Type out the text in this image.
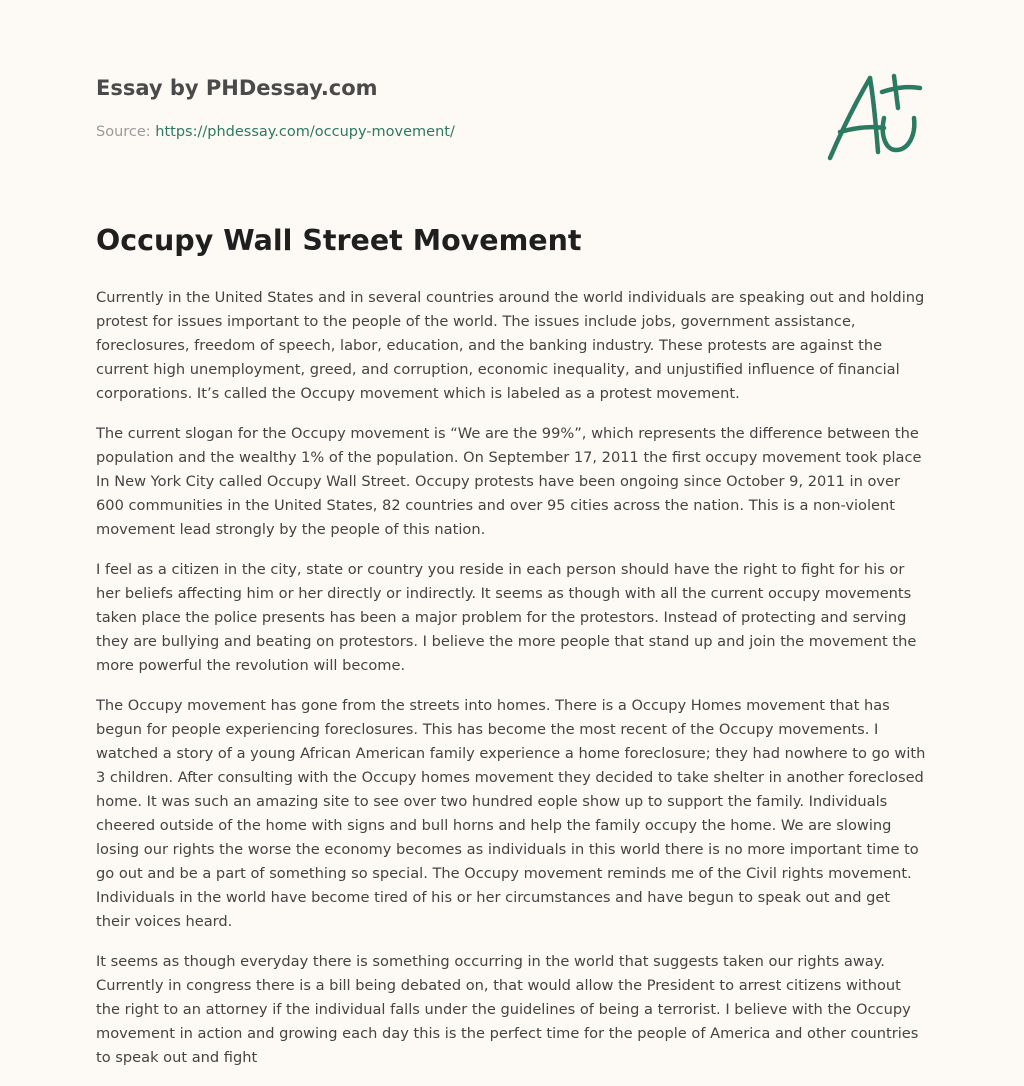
Essay by PHDessay.com
Source: https://phdessay.com/occupy-movement/
Occupy Wall Street Movement

Currently in the United States and in several countries around the world individuals are speaking out and holding protest for issues important to the people of the world. The issues include jobs, government assistance, foreclosures, freedom of speech, labor, education, and the banking industry. These protests are against the current high unemployment, greed, and corruption, economic inequality, and unjustified influence of financial corporations. It’s called the Occupy movement which is labeled as a protest movement.

The current slogan for the Occupy movement is “We are the 99%”, which represents the difference between the population and the wealthy 1% of the population. On September 17, 2011 the first occupy movement took place In New York City called Occupy Wall Street. Occupy protests have been ongoing since October 9, 2011 in over 600 communities in the United States, 82 countries and over 95 cities across the nation. This is a non-violent movement lead strongly by the people of this nation.

I feel as a citizen in the city, state or country you reside in each person should have the right to fight for his or her beliefs affecting him or her directly or indirectly. It seems as though with all the current occupy movements taken place the police presents has been a major problem for the protestors. Instead of protecting and serving they are bullying and beating on protestors. I believe the more people that stand up and join the movement the more powerful the revolution will become.

The Occupy movement has gone from the streets into homes. There is a Occupy Homes movement that has begun for people experiencing foreclosures. This has become the most recent of the Occupy movements. I watched a story of a young African American family experience a home foreclosure; they had nowhere to go with 3 children. After consulting with the Occupy homes movement they decided to take shelter in another foreclosed home. It was such an amazing site to see over two hundred eople show up to support the family. Individuals cheered outside of the home with signs and bull horns and help the family occupy the home. We are slowing losing our rights the worse the economy becomes as individuals in this world there is no more important time to go out and be a part of something so special. The Occupy movement reminds me of the Civil rights movement. Individuals in the world have become tired of his or her circumstances and have begun to speak out and get their voices heard.

It seems as though everyday there is something occurring in the world that suggests taken our rights away. Currently in congress there is a bill being debated on, that would allow the President to arrest citizens without the right to an attorney if the individual falls under the guidelines of being a terrorist. I believe with the Occupy movement in action and growing each day this is the perfect time for the people of America and other countries to speak out and fight
